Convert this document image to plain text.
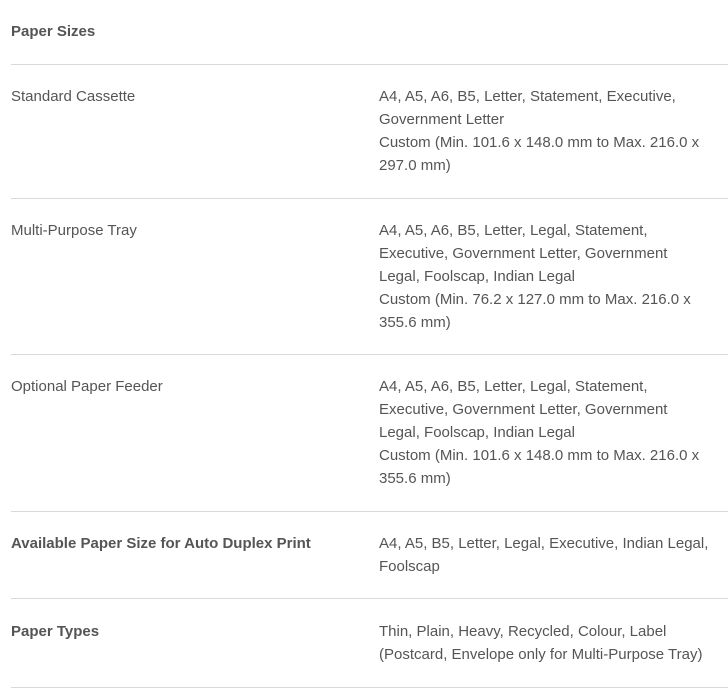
Paper Sizes
Standard Cassette	A4, A5, A6, B5, Letter, Statement, Executive,
Government Letter
Custom (Min. 101.6 x 148.0 mm to Max. 216.0 x
297.0 mm)
Multi-Purpose Tray	A4, A5, A6, B5, Letter, Legal, Statement,
Executive, Government Letter, Government
Legal, Foolscap, Indian Legal
Custom (Min. 76.2 x 127.0 mm to Max. 216.0 x
355.6 mm)
Optional Paper Feeder	A4, A5, A6, B5, Letter, Legal, Statement,
Executive, Government Letter, Government
Legal, Foolscap, Indian Legal
Custom (Min. 101.6 x 148.0 mm to Max. 216.0 x
355.6 mm)
Available Paper Size for Auto Duplex Print	A4, A5, B5, Letter, Legal, Executive, Indian Legal,
Foolscap
Paper Types	Thin, Plain, Heavy, Recycled, Colour, Label
(Postcard, Envelope only for Multi-Purpose Tray)
